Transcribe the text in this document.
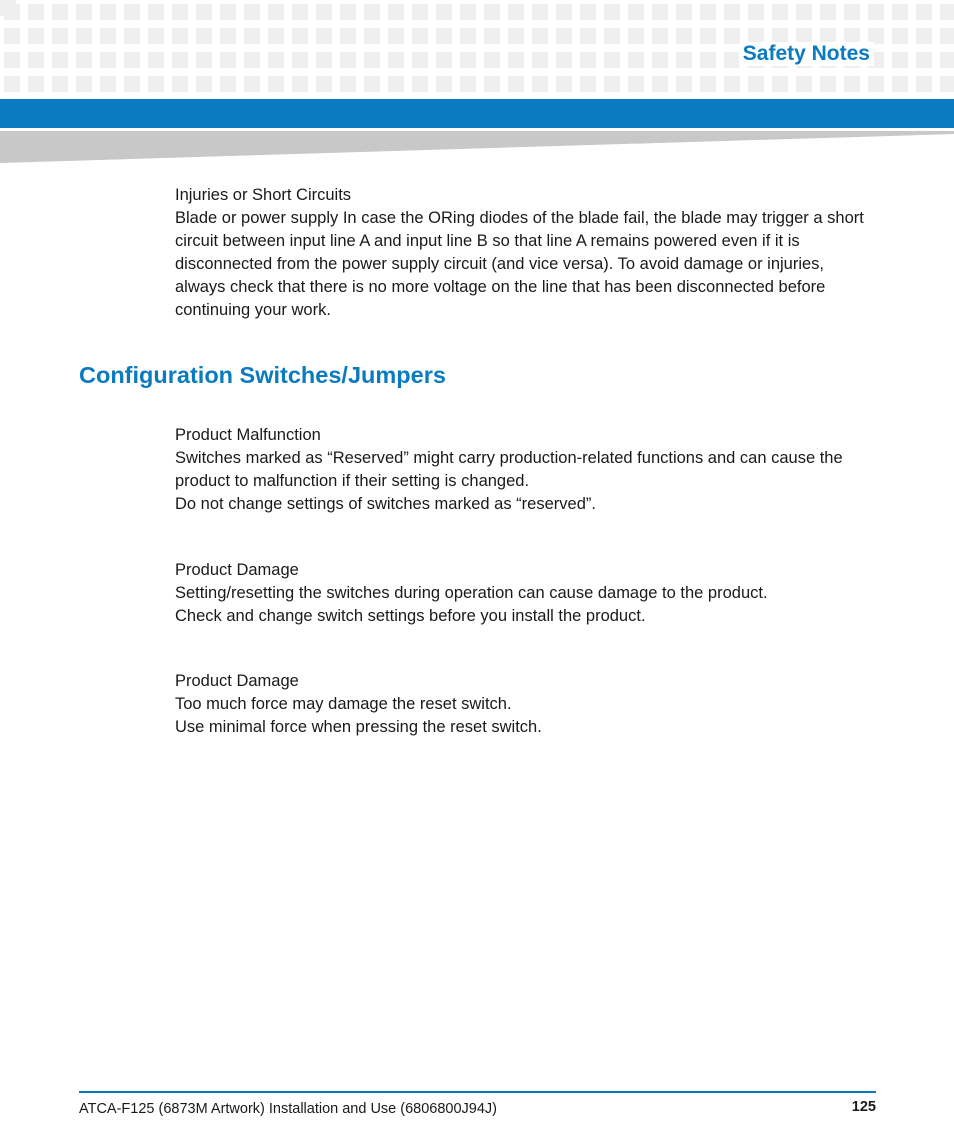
Safety Notes

Injuries or Short Circuits

Blade or power supply In case the ORing diodes of the blade fail, the blade may trigger a short

circuit between input line A and input line B so that line A remains powered even if it is

disconnected from the power supply circuit (and vice versa). To avoid damage or injuries,

always check that there is no more voltage on the line that has been disconnected before

continuing your work.

Configuration Switches/Jumpers

Product Malfunction

Switches marked as “Reserved” might carry production-related functions and can cause the

product to malfunction if their setting is changed.

Do not change settings of switches marked as “reserved”.

Product Damage

Setting/resetting the switches during operation can cause damage to the product.

Check and change switch settings before you install the product.

Product Damage

Too much force may damage the reset switch.

Use minimal force when pressing the reset switch.

ATCA-F125 (6873M Artwork) Installation and Use (6806800J94J)	125
